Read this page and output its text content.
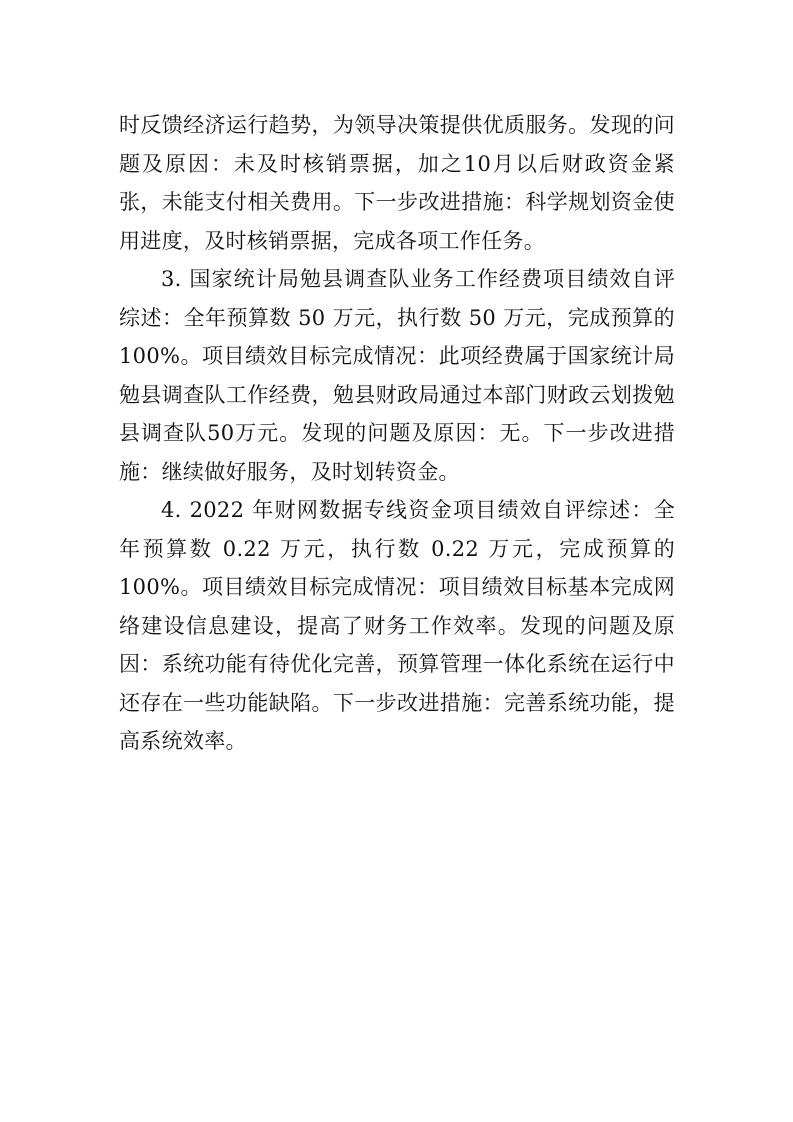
时反馈经济运行趋势，为领导决策提供优质服务。发现的问题及原因：未及时核销票据，加之10月以后财政资金紧张，未能支付相关费用。下一步改进措施：科学规划资金使用进度，及时核销票据，完成各项工作任务。

3. 国家统计局勉县调查队业务工作经费项目绩效自评综述：全年预算数 50 万元，执行数 50 万元，完成预算的100%。项目绩效目标完成情况：此项经费属于国家统计局勉县调查队工作经费，勉县财政局通过本部门财政云划拨勉县调查队50万元。发现的问题及原因：无。下一步改进措施：继续做好服务，及时划转资金。

4. 2022 年财网数据专线资金项目绩效自评综述：全年预算数 0.22 万元，执行数 0.22 万元，完成预算的 100%。项目绩效目标完成情况：项目绩效目标基本完成网络建设信息建设，提高了财务工作效率。发现的问题及原因：系统功能有待优化完善，预算管理一体化系统在运行中还存在一些功能缺陷。下一步改进措施：完善系统功能，提高系统效率。
